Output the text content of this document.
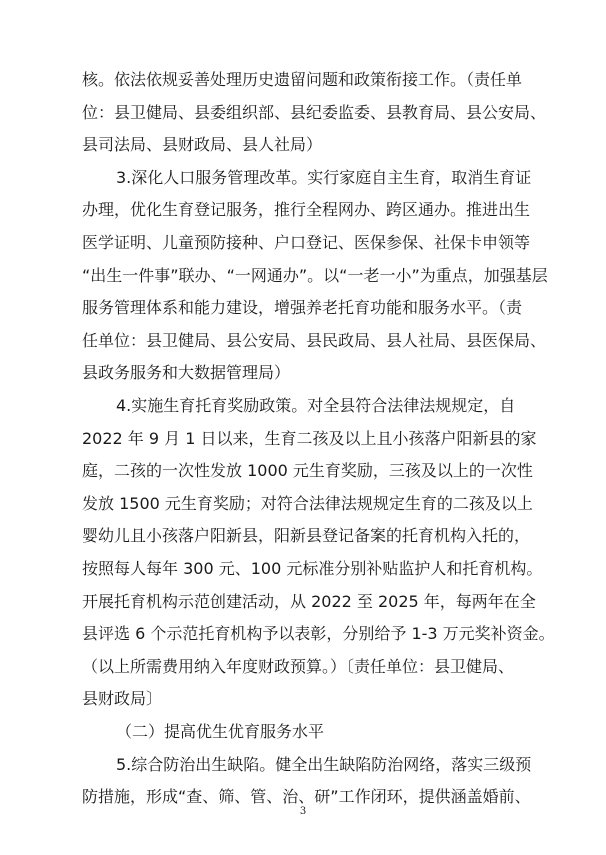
核。依法依规妥善处理历史遗留问题和政策衔接工作。（责任单
位：县卫健局、县委组织部、县纪委监委、县教育局、县公安局、
县司法局、县财政局、县人社局）
3.深化人口服务管理改革。实行家庭自主生育，取消生育证
办理，优化生育登记服务，推行全程网办、跨区通办。推进出生
医学证明、儿童预防接种、户口登记、医保参保、社保卡申领等
“出生一件事”联办、“一网通办”。以“一老一小”为重点，加强基层
服务管理体系和能力建设，增强养老托育功能和服务水平。（责
任单位：县卫健局、县公安局、县民政局、县人社局、县医保局、
县政务服务和大数据管理局）
4.实施生育托育奖励政策。对全县符合法律法规规定，自
2022 年 9 月 1 日以来，生育二孩及以上且小孩落户阳新县的家
庭，二孩的一次性发放 1000 元生育奖励，三孩及以上的一次性
发放 1500 元生育奖励；对符合法律法规规定生育的二孩及以上
婴幼儿且小孩落户阳新县，阳新县登记备案的托育机构入托的，
按照每人每年 300 元、100 元标准分别补贴监护人和托育机构。
开展托育机构示范创建活动，从 2022 至 2025 年，每两年在全
县评选 6 个示范托育机构予以表彰，分别给予 1-3 万元奖补资金。
（以上所需费用纳入年度财政预算。）〔责任单位：县卫健局、
县财政局〕
（二）提高优生优育服务水平
5.综合防治出生缺陷。健全出生缺陷防治网络，落实三级预
防措施，形成“查、筛、管、治、研”工作闭环，提供涵盖婚前、
3
